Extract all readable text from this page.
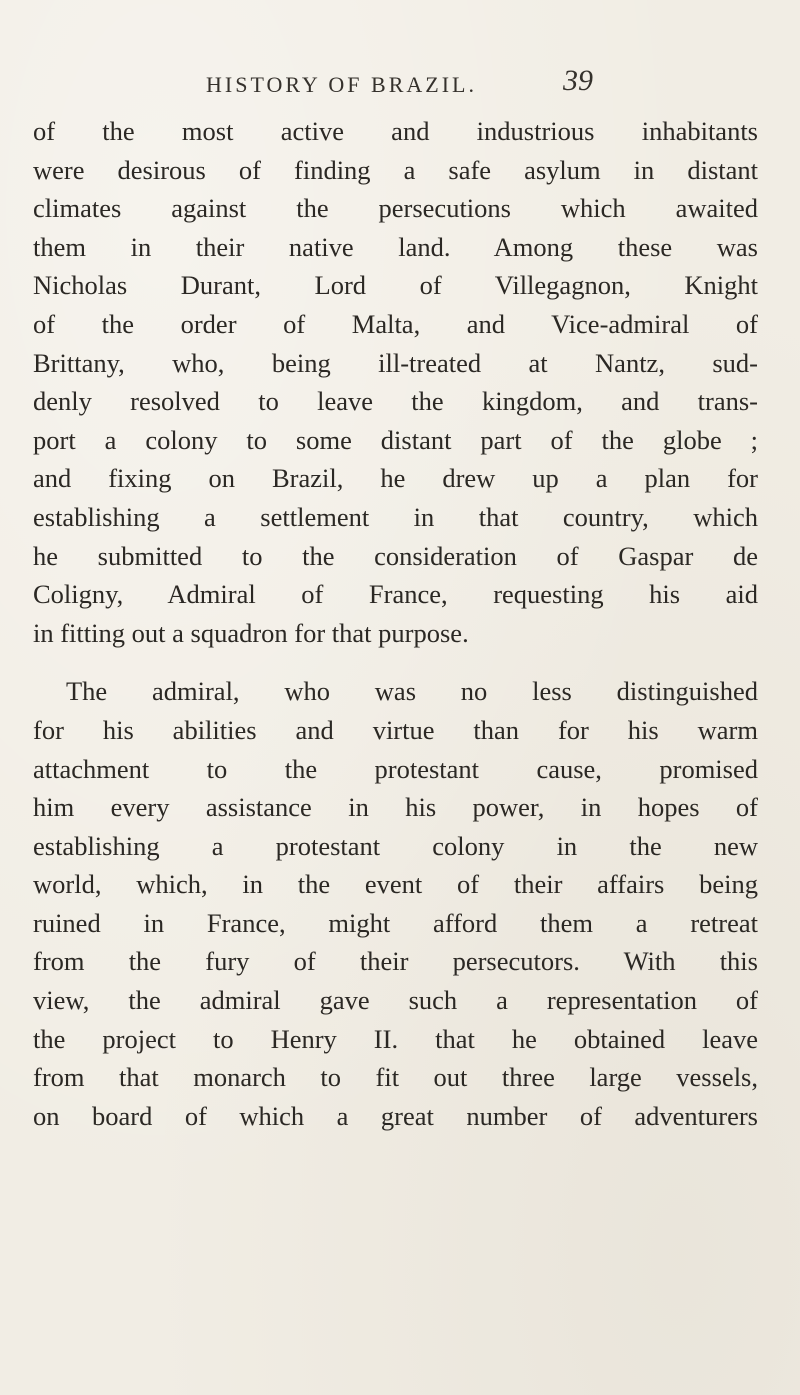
HISTORY OF BRAZIL.	39
of the most active and industrious inhabitants
were desirous of finding a safe asylum in distant
climates against the persecutions which awaited
them in their native land. Among these was
Nicholas Durant, Lord of Villegagnon, Knight
of the order of Malta, and Vice-admiral of
Brittany, who, being ill-treated at Nantz, sud-
denly resolved to leave the kingdom, and trans-
port a colony to some distant part of the globe ;
and fixing on Brazil, he drew up a plan for
establishing a settlement in that country, which
he submitted to the consideration of Gaspar de
Coligny, Admiral of France, requesting his aid
in fitting out a squadron for that purpose.
The admiral, who was no less distinguished
for his abilities and virtue than for his warm
attachment to the protestant cause, promised
him every assistance in his power, in hopes of
establishing a protestant colony in the new
world, which, in the event of their affairs being
ruined in France, might afford them a retreat
from the fury of their persecutors. With this
view, the admiral gave such a representation of
the project to Henry II. that he obtained leave
from that monarch to fit out three large vessels,
on board of which a great number of adventurers
